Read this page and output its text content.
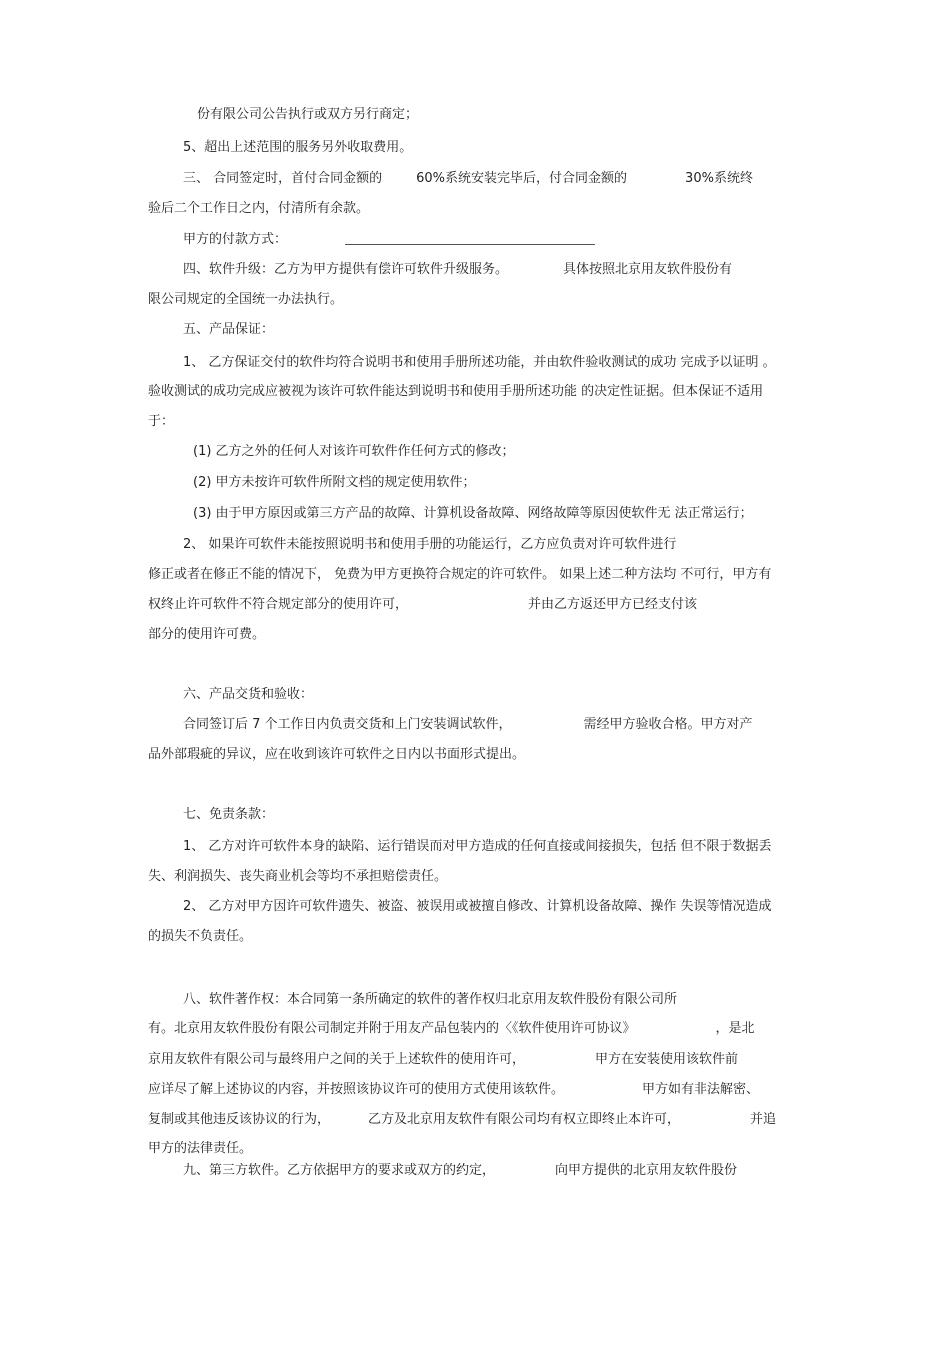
份有限公司公告执行或双方另行商定；
5、超出上述范围的服务另外收取费用。
三、 合同签定时，首付合同金额的	60%系统安装完毕后，付合同金额的	30%系统终
验后二个工作日之内，付清所有余款。
甲方的付款方式：
四、软件升级：乙方为甲方提供有偿许可软件升级服务。	具体按照北京用友软件股份有
限公司规定的全国统一办法执行。
五、产品保证：
1、 乙方保证交付的软件均符合说明书和使用手册所述功能，并由软件验收测试的成功 完成予以证明 。
验收测试的成功完成应被视为该许可软件能达到说明书和使用手册所述功能 的决定性证据。但本保证不适用
于：
(1) 乙方之外的任何人对该许可软件作任何方式的修改；
(2) 甲方未按许可软件所附文档的规定使用软件；
(3) 由于甲方原因或第三方产品的故障、计算机设备故障、网络故障等原因使软件无 法正常运行；
2、 如果许可软件未能按照说明书和使用手册的功能运行，乙方应负责对许可软件进行
修正或者在修正不能的情况下， 免费为甲方更换符合规定的许可软件。 如果上述二种方法均 不可行，甲方有
权终止许可软件不符合规定部分的使用许可，	并由乙方返还甲方已经支付该
部分的使用许可费。
六、产品交货和验收：
合同签订后 7 个工作日内负责交货和上门安装调试软件，	需经甲方验收合格。甲方对产
品外部瑕疵的异议，应在收到该许可软件之日内以书面形式提出。
七、免责条款：
1、 乙方对许可软件本身的缺陷、运行错误而对甲方造成的任何直接或间接损失，包括 但不限于数据丢
失、利润损失、丧失商业机会等均不承担赔偿责任。
2、 乙方对甲方因许可软件遗失、被盗、被误用或被擅自修改、计算机设备故障、操作 失误等情况造成
的损失不负责任。
八、软件著作权：本合同第一条所确定的软件的著作权归北京用友软件股份有限公司所
有。北京用友软件股份有限公司制定并附于用友产品包装内的〈《软件使用许可协议》	，是北
京用友软件有限公司与最终用户之间的关于上述软件的使用许可，	甲方在安装使用该软件前
应详尽了解上述协议的内容，并按照该协议许可的使用方式使用该软件。	甲方如有非法解密、
复制或其他违反该协议的行为，	乙方及北京用友软件有限公司均有权立即终止本许可，	并追
甲方的法律责任。
九、第三方软件。乙方依据甲方的要求或双方的约定，	向甲方提供的北京用友软件股份
